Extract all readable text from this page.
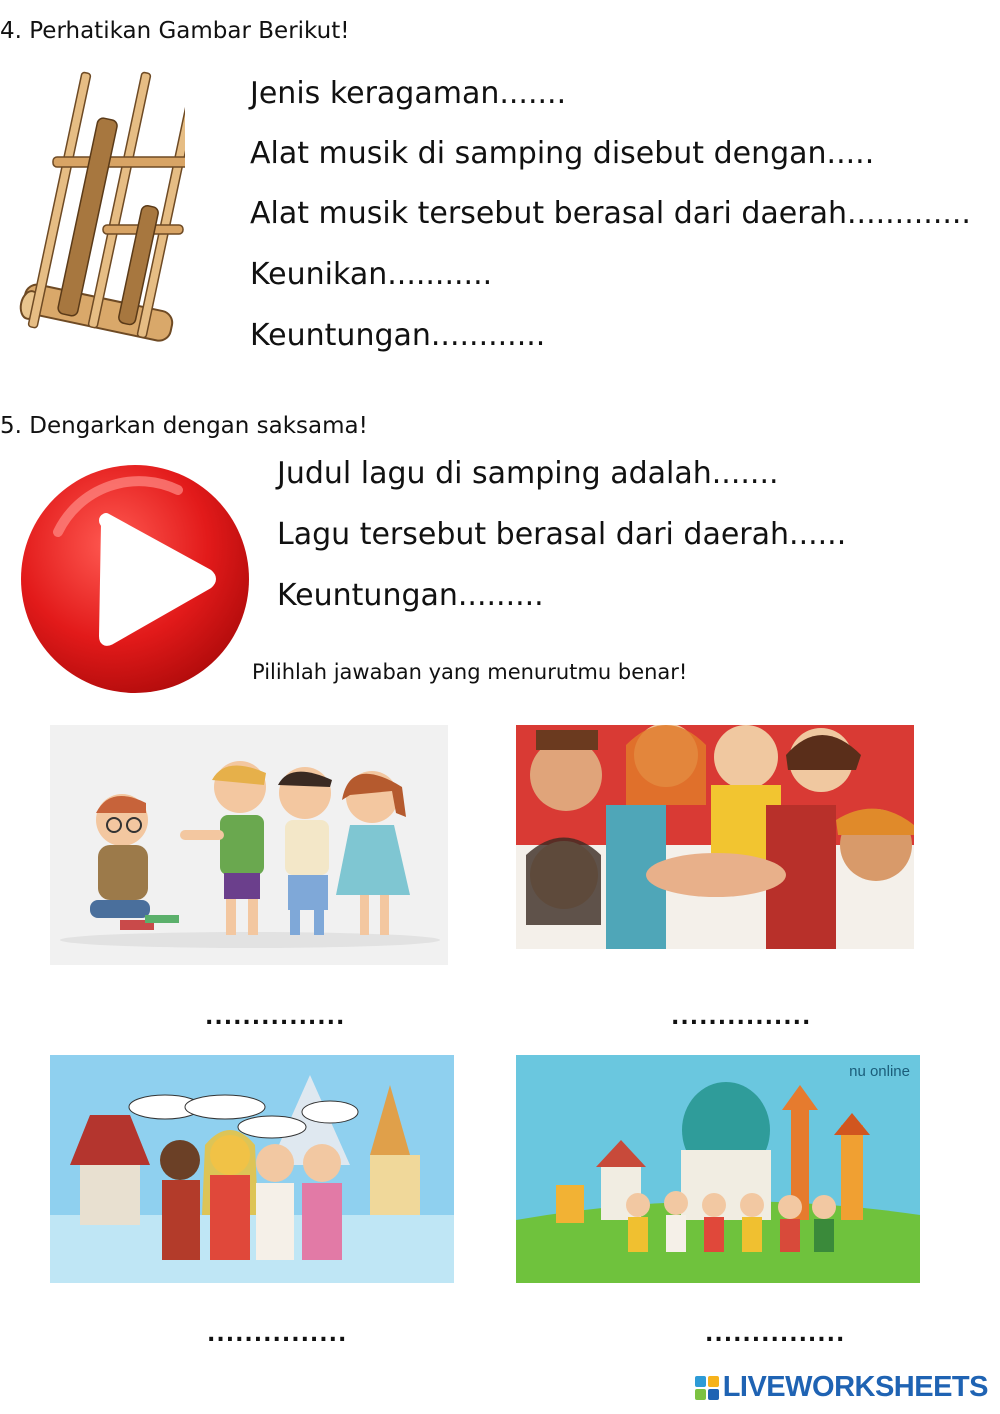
4. Perhatikan Gambar Berikut!
Jenis keragaman.......
Alat musik di samping disebut dengan.....
Alat musik tersebut berasal dari daerah.............
Keunikan...........
Keuntungan............
5. Dengarkan dengan saksama!
Judul lagu di samping adalah.......
Lagu tersebut berasal dari daerah......
Keuntungan.........
Pilihlah jawaban yang menurutmu benar!
...............	...............
nu online
...............	...............
LIVEWORKSHEETS
